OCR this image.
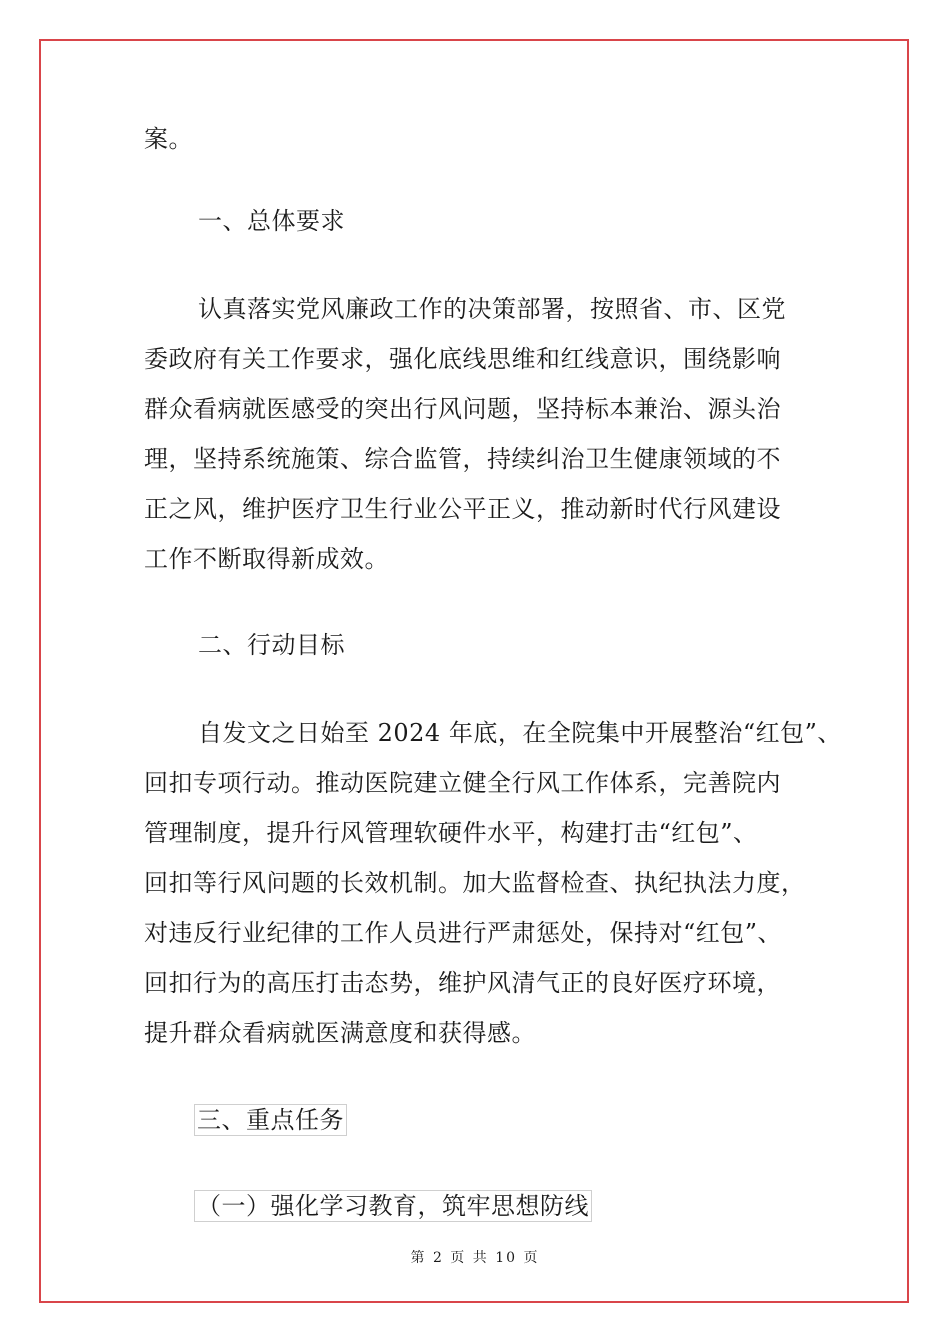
案。
一、总体要求
认真落实党风廉政工作的决策部署，按照省、市、区党
委政府有关工作要求，强化底线思维和红线意识，围绕影响
群众看病就医感受的突出行风问题，坚持标本兼治、源头治
理，坚持系统施策、综合监管，持续纠治卫生健康领域的不
正之风，维护医疗卫生行业公平正义，推动新时代行风建设
工作不断取得新成效。
二、行动目标
自发文之日始至 2024 年底，在全院集中开展整治“红包”、
回扣专项行动。推动医院建立健全行风工作体系，完善院内
管理制度，提升行风管理软硬件水平，构建打击“红包”、
回扣等行风问题的长效机制。加大监督检查、执纪执法力度，
对违反行业纪律的工作人员进行严肃惩处，保持对“红包”、
回扣行为的高压打击态势，维护风清气正的良好医疗环境，
提升群众看病就医满意度和获得感。
三、重点任务
（一）强化学习教育，筑牢思想防线
第 2 页 共 10 页
